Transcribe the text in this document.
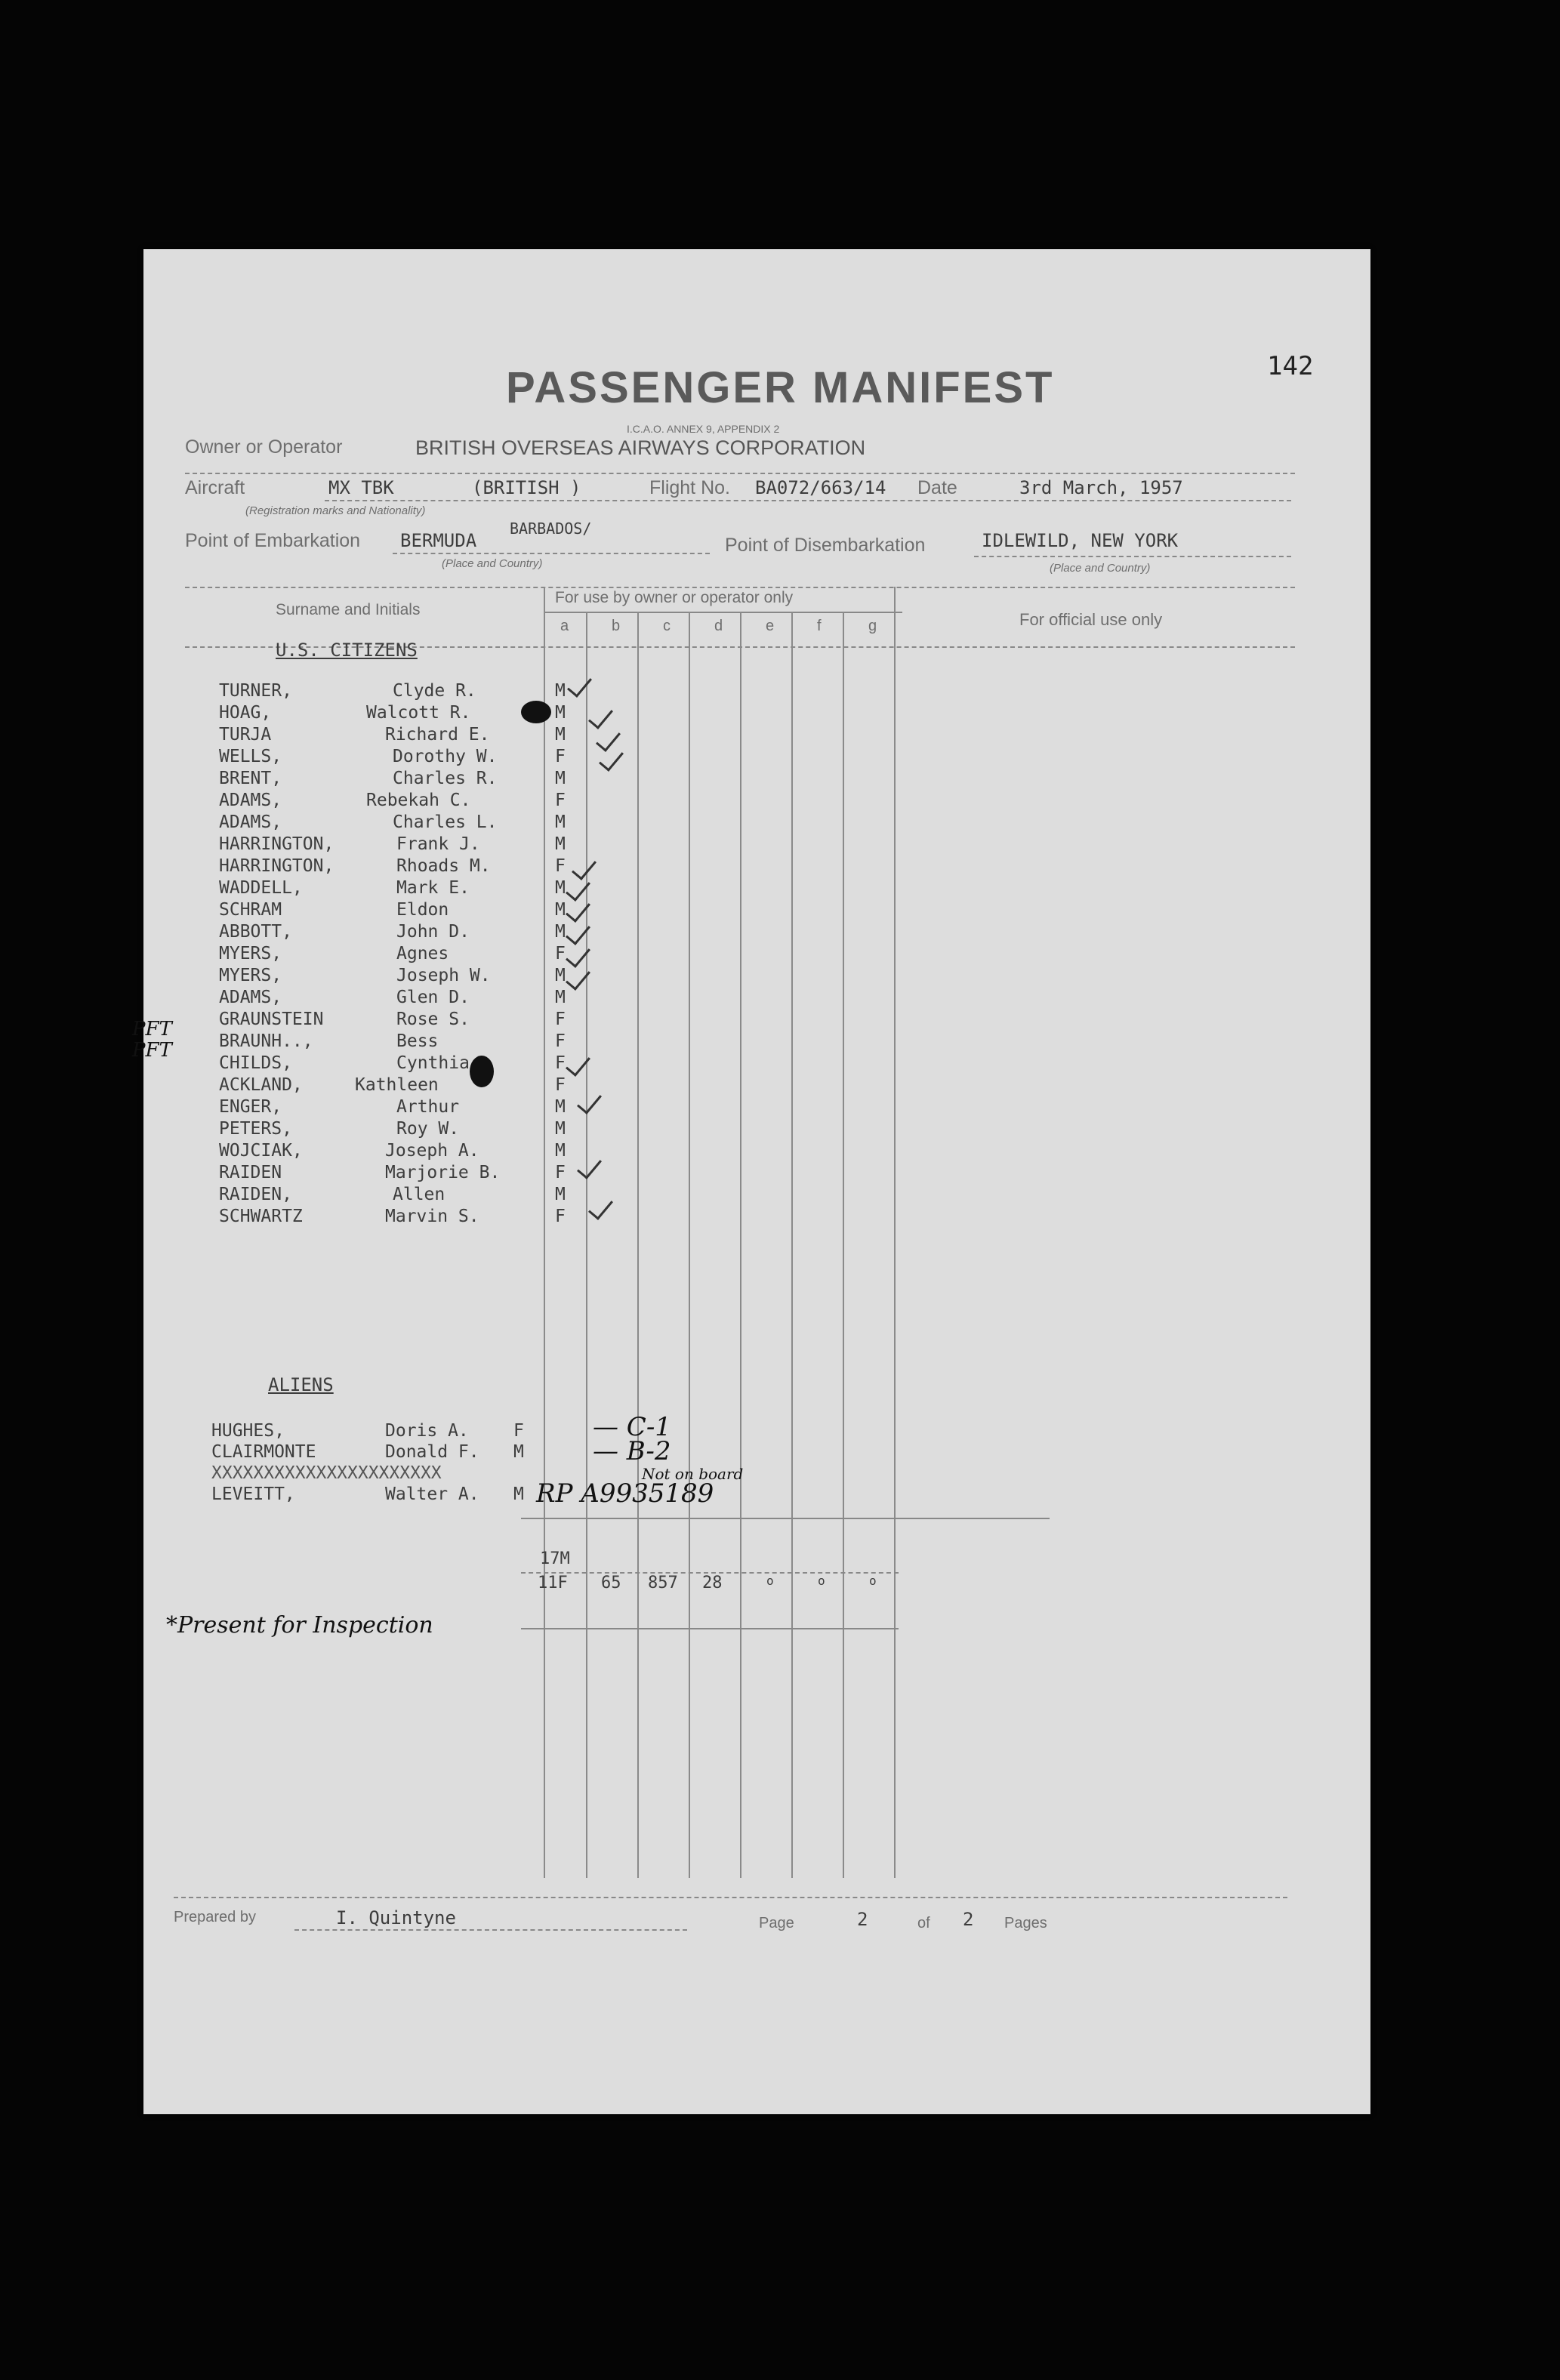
142
PASSENGER MANIFEST
I.C.A.O. ANNEX 9, APPENDIX 2
Owner or Operator	BRITISH OVERSEAS AIRWAYS CORPORATION
Aircraft	MX TBK	(BRITISH )
(Registration marks and Nationality)
Flight No. BA072/663/14 Date	3rd March, 1957
Point of Embarkation BERMUDA
BARBADOS/
(Place and Country)
Point of Disembarkation	IDLEWILD, NEW YORK
(Place and Country)
Surname and Initials
For use by owner or operator only
For official use only
a	b	c	d	e	f	g
U.S. CITIZENS
TURNER,	Clyde R.	M
HOAG,	Walcott R.	M
TURJA	Richard E.	M
WELLS,	Dorothy W.	F
BRENT,	Charles R.	M
ADAMS,	Rebekah C.	F
ADAMS,	Charles L.	M
HARRINGTON,	Frank J.	M
HARRINGTON,	Rhoads M.	F
WADDELL,	Mark E.	M
SCHRAM	Eldon	M
ABBOTT,	John D.	M
MYERS,	Agnes	F
MYERS,	Joseph W.	M
ADAMS,	Glen D.	M
GRAUNSTEIN	Rose S.	F
BRAUNH..,	Bess	F
CHILDS,	Cynthia	F
ACKLAND,	Kathleen	F
ENGER,	Arthur	M
PETERS,	Roy W.	M
WOJCIAK,	Joseph A.	M
RAIDEN	Marjorie B.	F
RAIDEN,	Allen	M
SCHWARTZ	Marvin S.	F
PFT
PFT
ALIENS
HUGHES,	Doris A.	F	— C-1
CLAIRMONTE	Donald F. M	— B-2
XXXXXXXXXXXXXXXXXXXXXX	Not on board
LEVEITT,	Walter A. M RP A9935189
17M
11F 65 857 28	o	o	o
*Present for Inspection
Prepared by	I. Quintyne	Page	2	of 2 Pages
